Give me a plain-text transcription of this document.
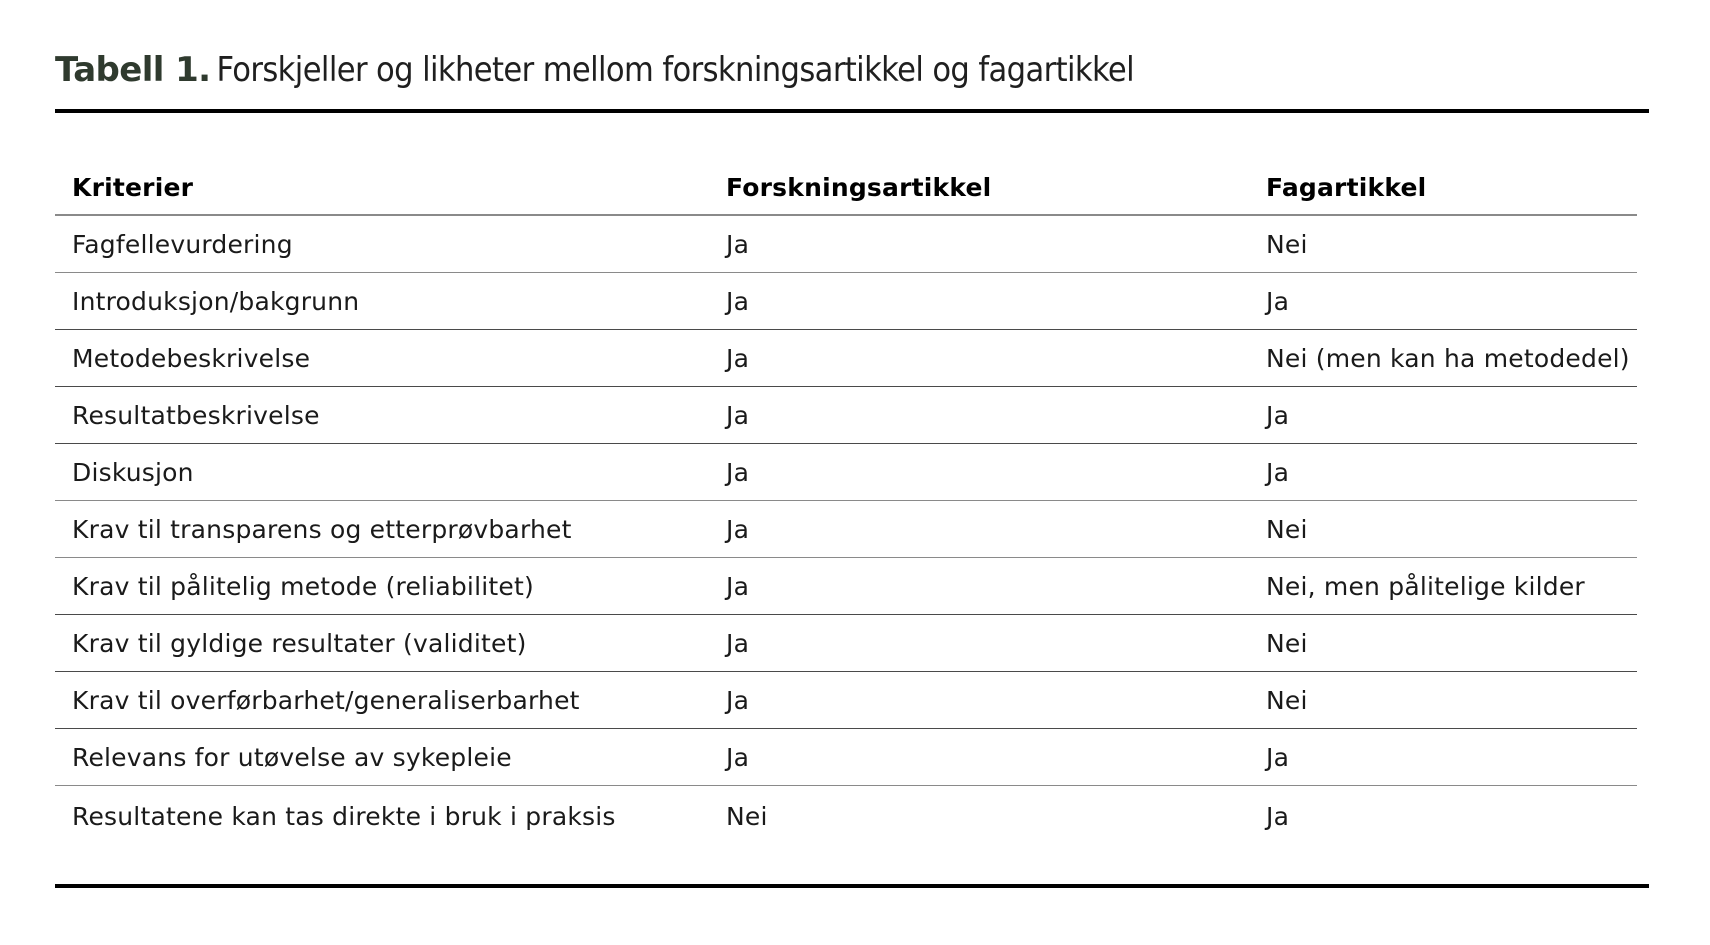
Tabell 1. Forskjeller og likheter mellom forskningsartikkel og fagartikkel
Kriterier	Forskningsartikkel	Fagartikkel
Fagfellevurdering	Ja	Nei
Introduksjon/bakgrunn	Ja	Ja
Metodebeskrivelse	Ja	Nei (men kan ha metodedel)
Resultatbeskrivelse	Ja	Ja
Diskusjon	Ja	Ja
Krav til transparens og etterprøvbarhet	Ja	Nei
Krav til pålitelig metode (reliabilitet)	Ja	Nei, men pålitelige kilder
Krav til gyldige resultater (validitet)	Ja	Nei
Krav til overførbarhet/generaliserbarhet	Ja	Nei
Relevans for utøvelse av sykepleie	Ja	Ja
Resultatene kan tas direkte i bruk i praksis	Nei	Ja
